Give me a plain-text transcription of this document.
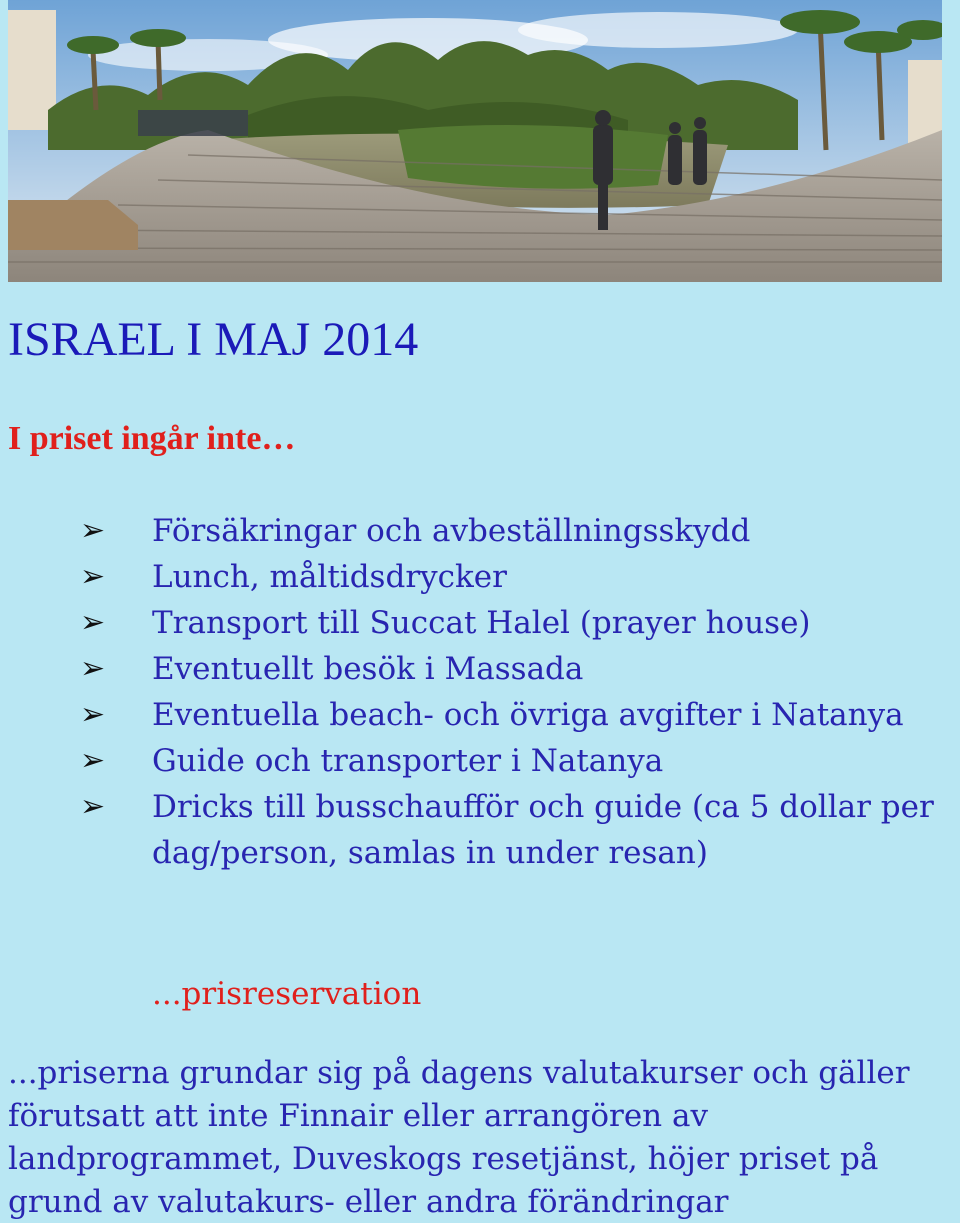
ISRAEL I MAJ 2014
I priset ingår inte…
➢	Försäkringar och avbeställningsskydd
➢	Lunch, måltidsdrycker
➢	Transport till Succat Halel (prayer house)
➢	Eventuellt besök i Massada
➢	Eventuella beach- och övriga avgifter i Natanya
➢	Guide och transporter i Natanya
➢	Dricks till busschaufför och guide (ca 5 dollar per dag/person, samlas in under resan)

...prisreservation

...priserna grundar sig på dagens valutakurser och gäller förutsatt att inte Finnair eller arrangören av landprogrammet, Duveskogs resetjänst, höjer priset på grund av valutakurs- eller andra förändringar
